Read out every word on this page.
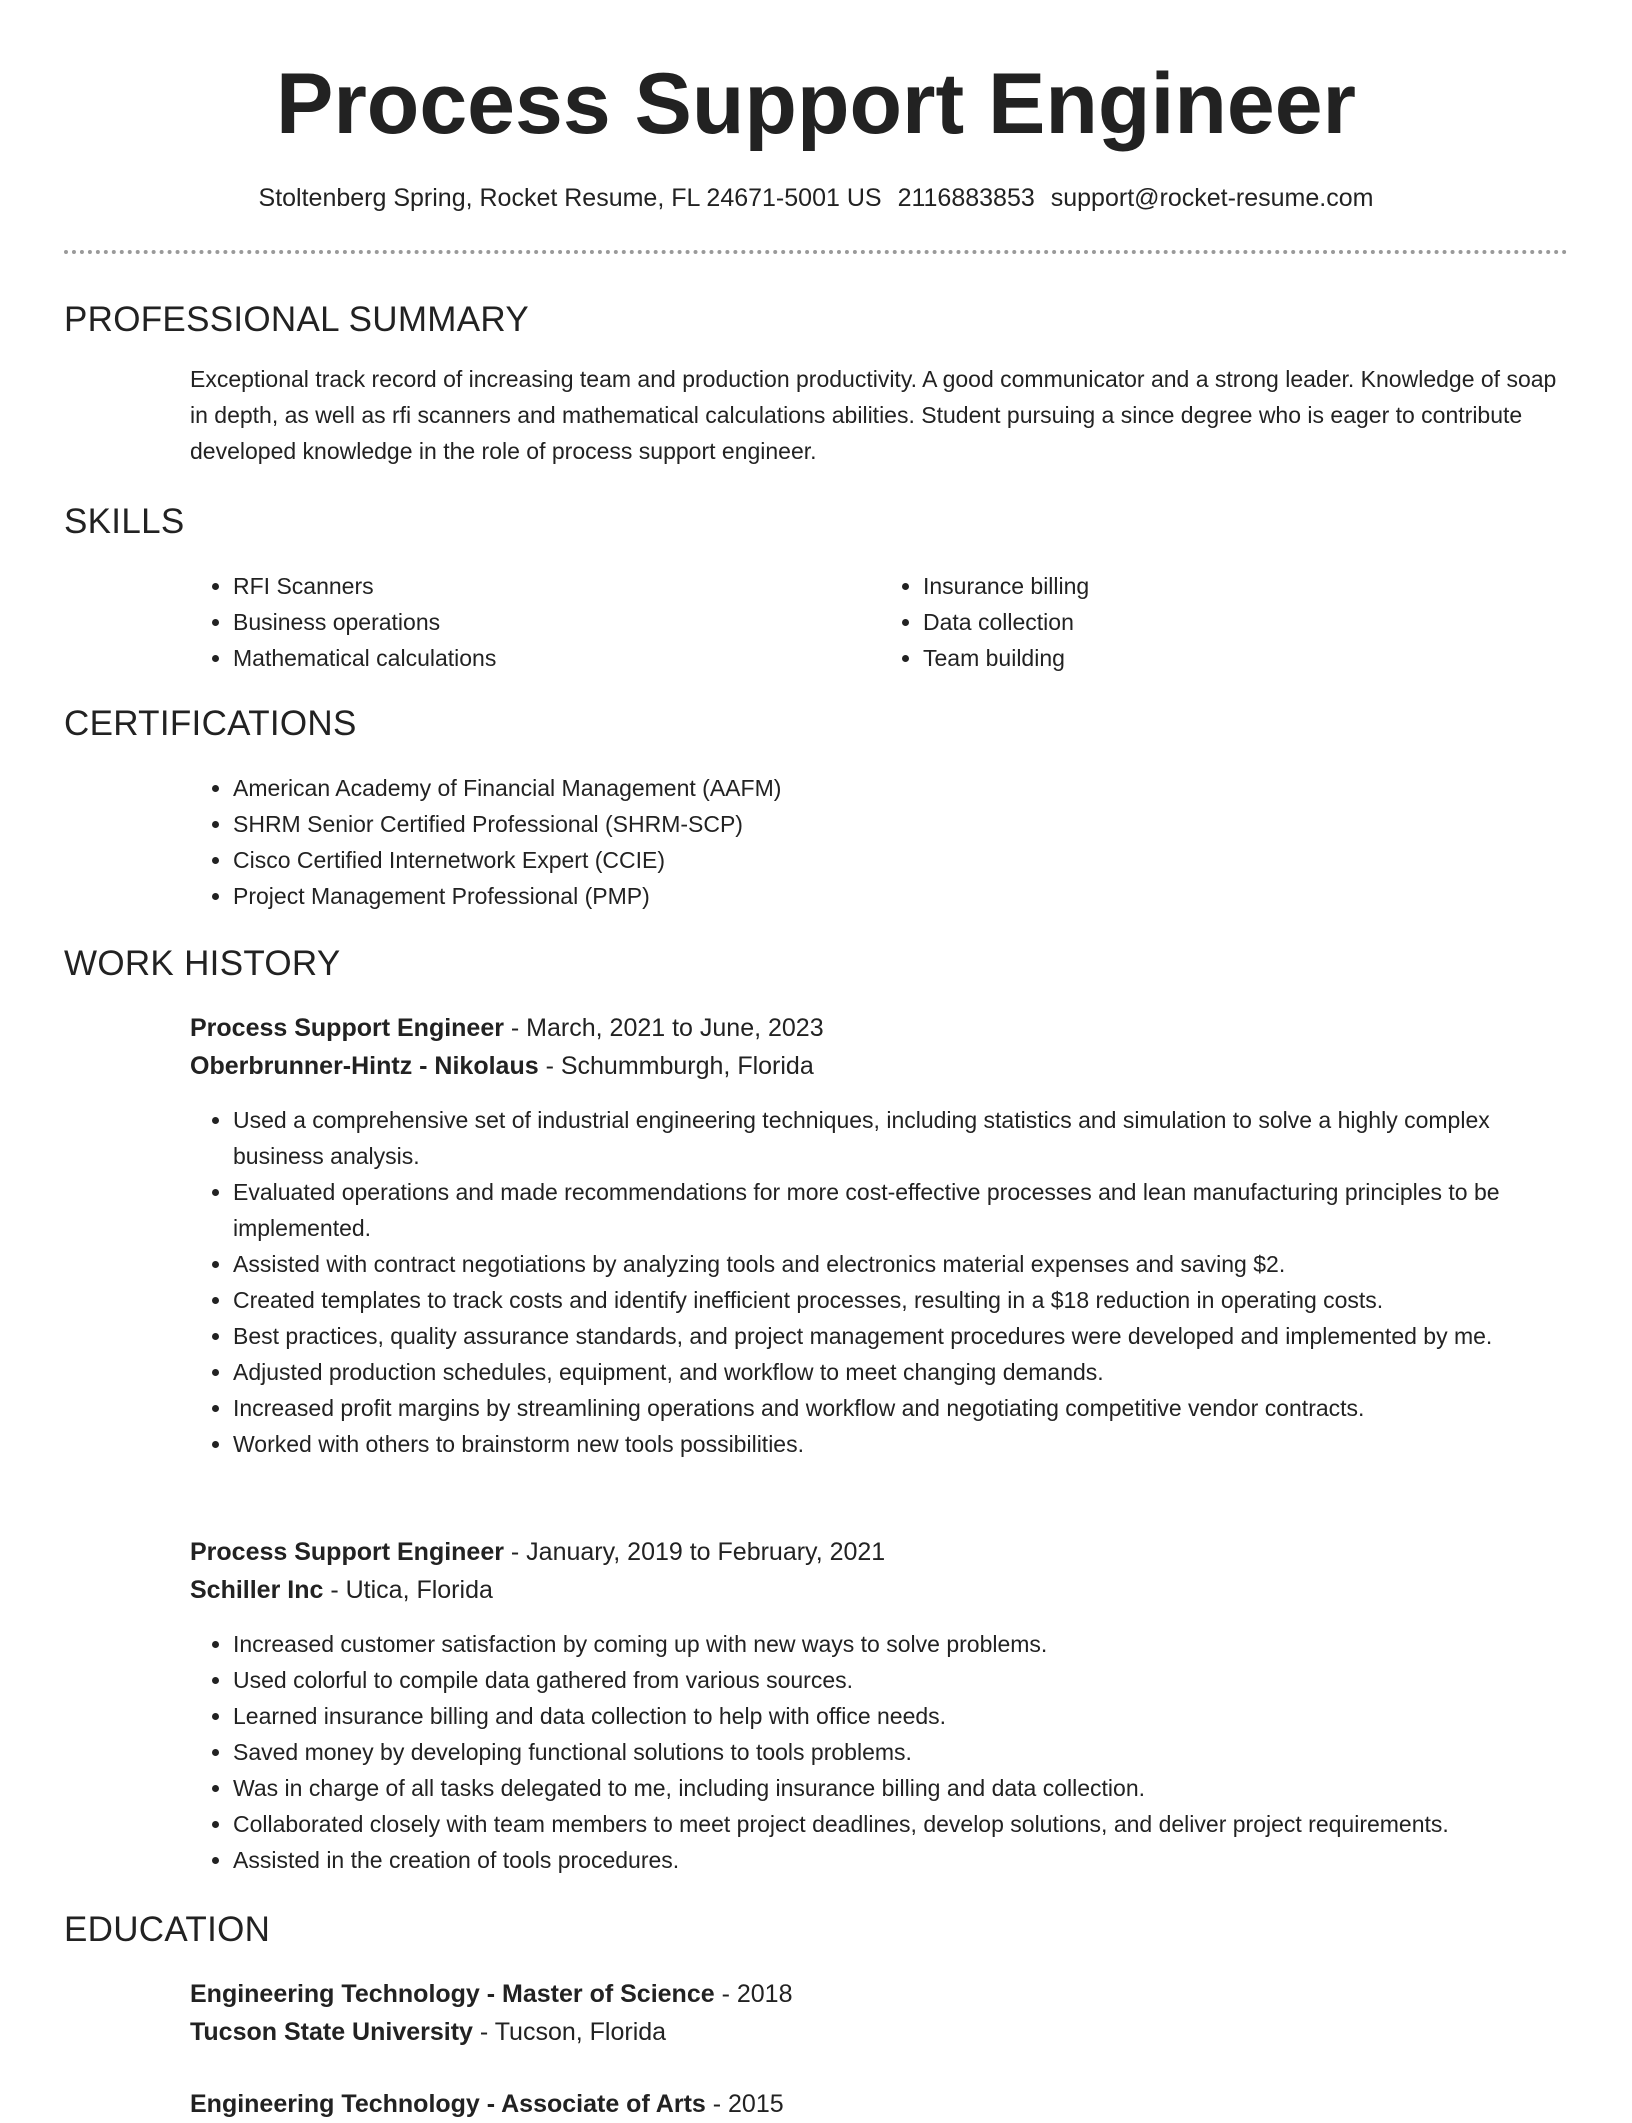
Process Support Engineer
Stoltenberg Spring, Rocket Resume, FL 24671-5001 US 2116883853 support@rocket-resume.com
PROFESSIONAL SUMMARY
Exceptional track record of increasing team and production productivity. A good communicator and a strong leader. Knowledge of soap in depth, as well as rfi scanners and mathematical calculations abilities. Student pursuing a since degree who is eager to contribute developed knowledge in the role of process support engineer.
SKILLS
• RFI Scanners
• Business operations
• Mathematical calculations
• Insurance billing
• Data collection
• Team building
CERTIFICATIONS
• American Academy of Financial Management (AAFM)
• SHRM Senior Certified Professional (SHRM-SCP)
• Cisco Certified Internetwork Expert (CCIE)
• Project Management Professional (PMP)
WORK HISTORY
Process Support Engineer - March, 2021 to June, 2023
Oberbrunner-Hintz - Nikolaus - Schummburgh, Florida
• Used a comprehensive set of industrial engineering techniques, including statistics and simulation to solve a highly complex business analysis.
• Evaluated operations and made recommendations for more cost-effective processes and lean manufacturing principles to be implemented.
• Assisted with contract negotiations by analyzing tools and electronics material expenses and saving $2.
• Created templates to track costs and identify inefficient processes, resulting in a $18 reduction in operating costs.
• Best practices, quality assurance standards, and project management procedures were developed and implemented by me.
• Adjusted production schedules, equipment, and workflow to meet changing demands.
• Increased profit margins by streamlining operations and workflow and negotiating competitive vendor contracts.
• Worked with others to brainstorm new tools possibilities.
Process Support Engineer - January, 2019 to February, 2021
Schiller Inc - Utica, Florida
• Increased customer satisfaction by coming up with new ways to solve problems.
• Used colorful to compile data gathered from various sources.
• Learned insurance billing and data collection to help with office needs.
• Saved money by developing functional solutions to tools problems.
• Was in charge of all tasks delegated to me, including insurance billing and data collection.
• Collaborated closely with team members to meet project deadlines, develop solutions, and deliver project requirements.
• Assisted in the creation of tools procedures.
EDUCATION
Engineering Technology - Master of Science - 2018
Tucson State University - Tucson, Florida
Engineering Technology - Associate of Arts - 2015
